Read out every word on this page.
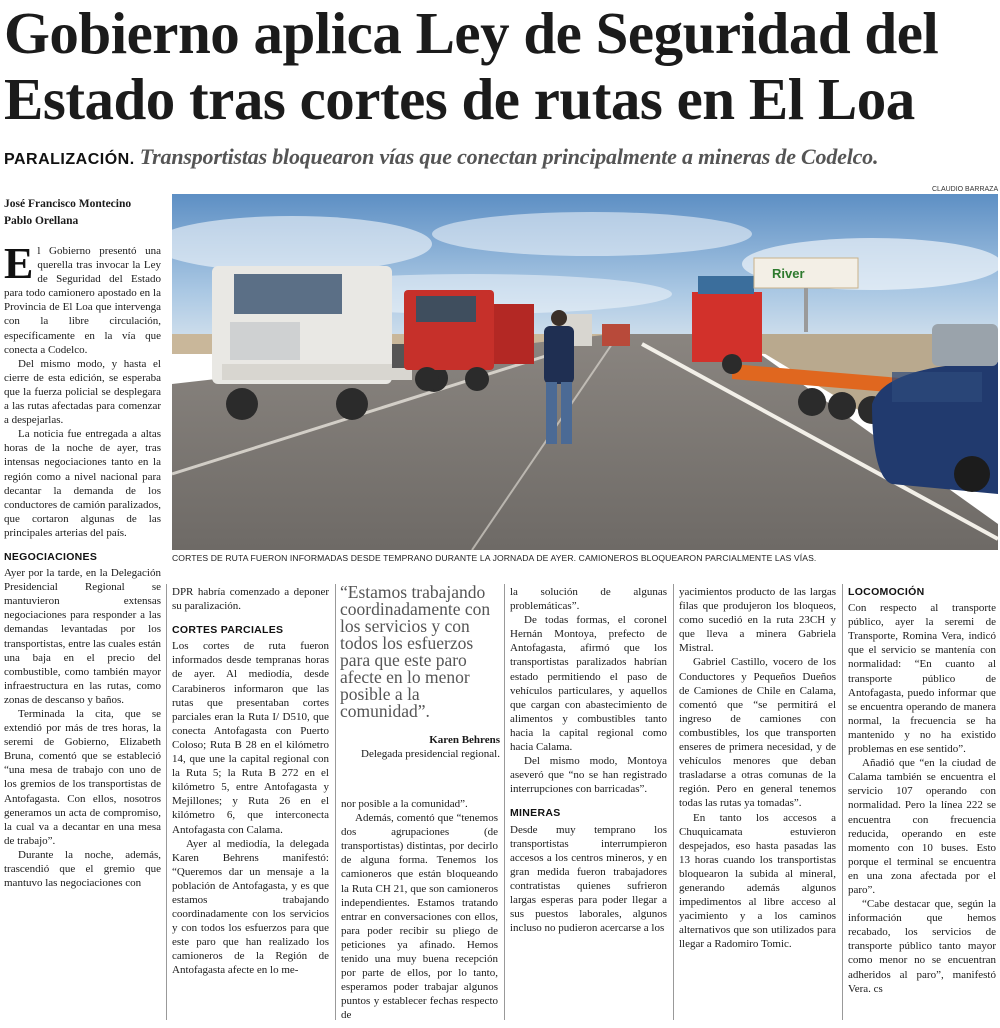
Gobierno aplica Ley de Seguridad del Estado tras cortes de rutas en El Loa
PARALIZACIÓN. Transportistas bloquearon vías que conectan principalmente a mineras de Codelco.
CLAUDIO BARRAZA
José Francisco Montecino
Pablo Orellana
River

CORTES DE RUTA FUERON INFORMADAS DESDE TEMPRANO DURANTE LA JORNADA DE AYER. CAMIONEROS BLOQUEARON PARCIALMENTE LAS VÍAS.

El Gobierno presentó una querella tras invocar la Ley de Seguridad del Estado para todo camionero apostado en la Provincia de El Loa que intervenga con la libre circulación, específicamente en la vía que conecta a Codelco.

Del mismo modo, y hasta el cierre de esta edición, se esperaba que la fuerza policial se desplegara a las rutas afectadas para comenzar a despejarlas.

La noticia fue entregada a altas horas de la noche de ayer, tras intensas negociaciones tanto en la región como a nivel nacional para decantar la demanda de los conductores de camión paralizados, que cortaron algunas de las principales arterias del país.

NEGOCIACIONES

Ayer por la tarde, en la Delegación Presidencial Regional se mantuvieron extensas negociaciones para responder a las demandas levantadas por los transportistas, entre las cuales están una baja en el precio del combustible, como también mayor infraestructura en las rutas, como zonas de descanso y baños.

Terminada la cita, que se extendió por más de tres horas, la seremi de Gobierno, Elizabeth Bruna, comentó que se estableció “una mesa de trabajo con uno de los gremios de los transportistas de Antofagasta. Con ellos, nosotros generamos un acta de compromiso, la cual va a decantar en una mesa de trabajo”.

Durante la noche, además, trascendió que el gremio que mantuvo las negociaciones con

DPR habría comenzado a deponer su paralización.

CORTES PARCIALES

Los cortes de ruta fueron informados desde tempranas horas de ayer. Al mediodía, desde Carabineros informaron que las rutas que presentaban cortes parciales eran la Ruta I/ D510, que conecta Antofagasta con Puerto Coloso; Ruta B 28 en el kilómetro 14, que une la capital regional con la Ruta 5; la Ruta B 272 en el kilómetro 5, entre Antofagasta y Mejillones; y Ruta 26 en el kilómetro 6, que interconecta Antofagasta con Calama.

Ayer al mediodía, la delegada Karen Behrens manifestó: “Queremos dar un mensaje a la población de Antofagasta, y es que estamos trabajando coordinadamente con los servicios y con todos los esfuerzos para que este paro que han realizado los camioneros de la Región de Antofagasta afecte en lo me-

“Estamos trabajando coordinadamente con los servicios y con todos los esfuerzos para que este paro afecte en lo menor posible a la comunidad”.

Karen Behrens
Delegada presidencial regional.

nor posible a la comunidad”.

Además, comentó que “tenemos dos agrupaciones (de transportistas) distintas, por decirlo de alguna forma. Tenemos los camioneros que están bloqueando la Ruta CH 21, que son camioneros independientes. Estamos tratando entrar en conversaciones con ellos, para poder recibir su pliego de peticiones ya afinado. Hemos tenido una muy buena recepción por parte de ellos, por lo tanto, esperamos poder trabajar algunos puntos y establecer fechas respecto de

la solución de algunas problemáticas”.

De todas formas, el coronel Hernán Montoya, prefecto de Antofagasta, afirmó que los transportistas paralizados habrían estado permitiendo el paso de vehículos particulares, y aquellos que cargan con abastecimiento de alimentos y combustibles tanto hacia la capital regional como hacia Calama.

Del mismo modo, Montoya aseveró que “no se han registrado interrupciones con barricadas”.

MINERAS

Desde muy temprano los transportistas interrumpieron accesos a los centros mineros, y en gran medida fueron trabajadores contratistas quienes sufrieron largas esperas para poder llegar a sus puestos laborales, algunos incluso no pudieron acercarse a los

yacimientos producto de las largas filas que produjeron los bloqueos, como sucedió en la ruta 23CH y que lleva a minera Gabriela Mistral.

Gabriel Castillo, vocero de los Conductores y Pequeños Dueños de Camiones de Chile en Calama, comentó que “se permitirá el ingreso de camiones con combustibles, los que transporten enseres de primera necesidad, y de vehículos menores que deban trasladarse a otras comunas de la región. Pero en general tenemos todas las rutas ya tomadas”.

En tanto los accesos a Chuquicamata estuvieron despejados, eso hasta pasadas las 13 horas cuando los transportistas bloquearon la subida al mineral, generando además algunos impedimentos al libre acceso al yacimiento y a los caminos alternativos que son utilizados para llegar a Radomiro Tomic.

LOCOMOCIÓN

Con respecto al transporte público, ayer la seremi de Transporte, Romina Vera, indicó que el servicio se mantenía con normalidad: “En cuanto al transporte público de Antofagasta, puedo informar que se encuentra operando de manera normal, la frecuencia se ha mantenido y no ha existido problemas en ese sentido”.

Añadió que “en la ciudad de Calama también se encuentra el servicio 107 operando con normalidad. Pero la línea 222 se encuentra con frecuencia reducida, operando en este momento con 10 buses. Esto porque el terminal se encuentra en una zona afectada por el paro”.

“Cabe destacar que, según la información que hemos recabado, los servicios de transporte público tanto mayor como menor no se encuentran adheridos al paro”, manifestó Vera. cs
